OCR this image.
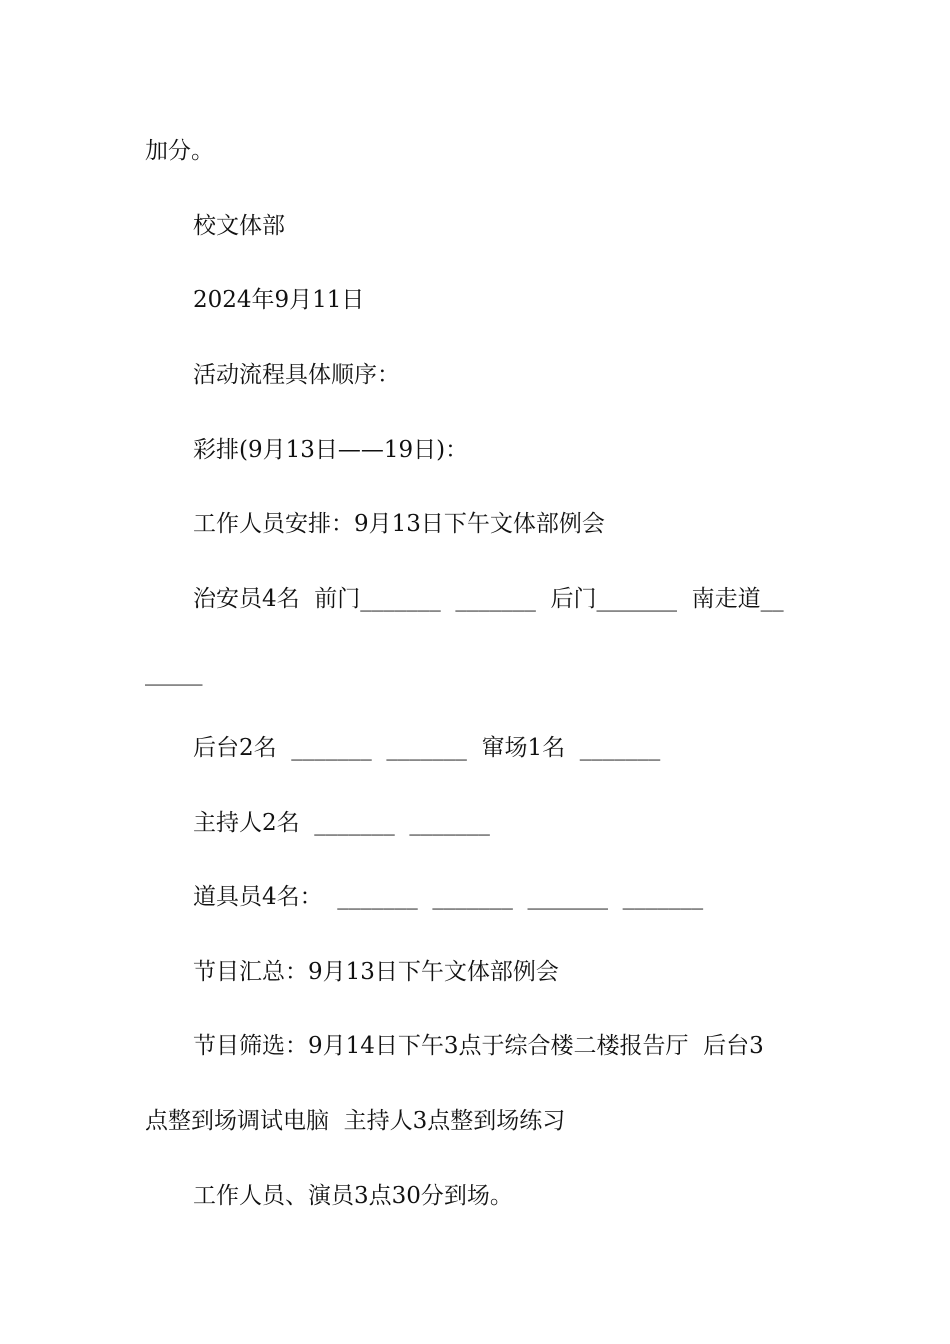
加分。
校文体部
2024年9月11日
活动流程具体顺序：
彩排(9月13日——19日)：
工作人员安排：9月13日下午文体部例会
治安员4名  前门_______  _______  后门_______  南走道__
_____
后台2名  _______  _______  窜场1名  _______
主持人2名  _______  _______
道具员4名：  _______  _______  _______  _______
节目汇总：9月13日下午文体部例会
节目筛选：9月14日下午3点于综合楼二楼报告厅  后台3
点整到场调试电脑  主持人3点整到场练习
工作人员、演员3点30分到场。
